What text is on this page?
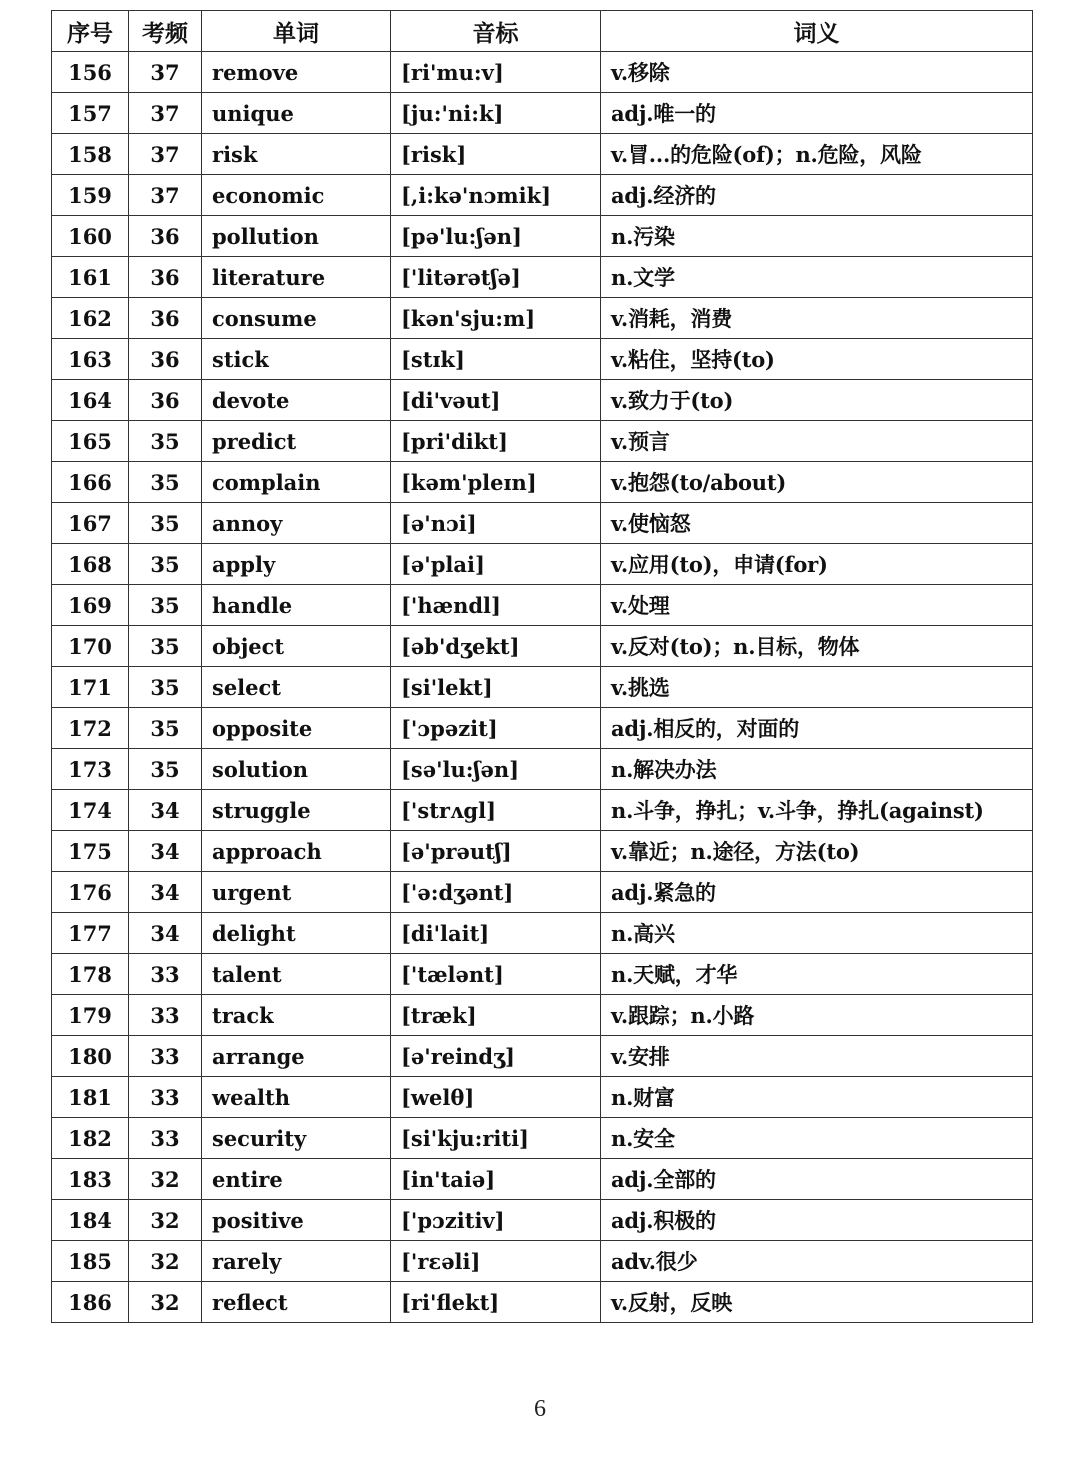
序号	考频	单词	音标	词义
156	37	remove	[ri'mu:v]	v.移除
157	37	unique	[ju:'ni:k]	adj.唯一的
158	37	risk	[risk]	v.冒...的危险(of)；n.危险，风险
159	37	economic	[,i:kə'nɔmik]	adj.经济的
160	36	pollution	[pə'lu:ʃən]	n.污染
161	36	literature	['litərətʃə]	n.文学
162	36	consume	[kən'sju:m]	v.消耗，消费
163	36	stick	[stɪk]	v.粘住，坚持(to)
164	36	devote	[di'vəut]	v.致力于(to)
165	35	predict	[pri'dikt]	v.预言
166	35	complain	[kəm'pleɪn]	v.抱怨(to/about)
167	35	annoy	[ə'nɔi]	v.使恼怒
168	35	apply	[ə'plai]	v.应用(to)，申请(for)
169	35	handle	['hændl]	v.处理
170	35	object	[əb'dʒekt]	v.反对(to)；n.目标，物体
171	35	select	[si'lekt]	v.挑选
172	35	opposite	['ɔpəzit]	adj.相反的，对面的
173	35	solution	[sə'lu:ʃən]	n.解决办法
174	34	struggle	['strʌgl]	n.斗争，挣扎；v.斗争，挣扎(against)
175	34	approach	[ə'prəutʃ]	v.靠近；n.途径，方法(to)
176	34	urgent	['ə:dʒənt]	adj.紧急的
177	34	delight	[di'lait]	n.高兴
178	33	talent	['tælənt]	n.天赋，才华
179	33	track	[træk]	v.跟踪；n.小路
180	33	arrange	[ə'reindʒ]	v.安排
181	33	wealth	[welθ]	n.财富
182	33	security	[si'kju:riti]	n.安全
183	32	entire	[in'taiə]	adj.全部的
184	32	positive	['pɔzitiv]	adj.积极的
185	32	rarely	['rɛəli]	adv.很少
186	32	reflect	[ri'flekt]	v.反射，反映
6
